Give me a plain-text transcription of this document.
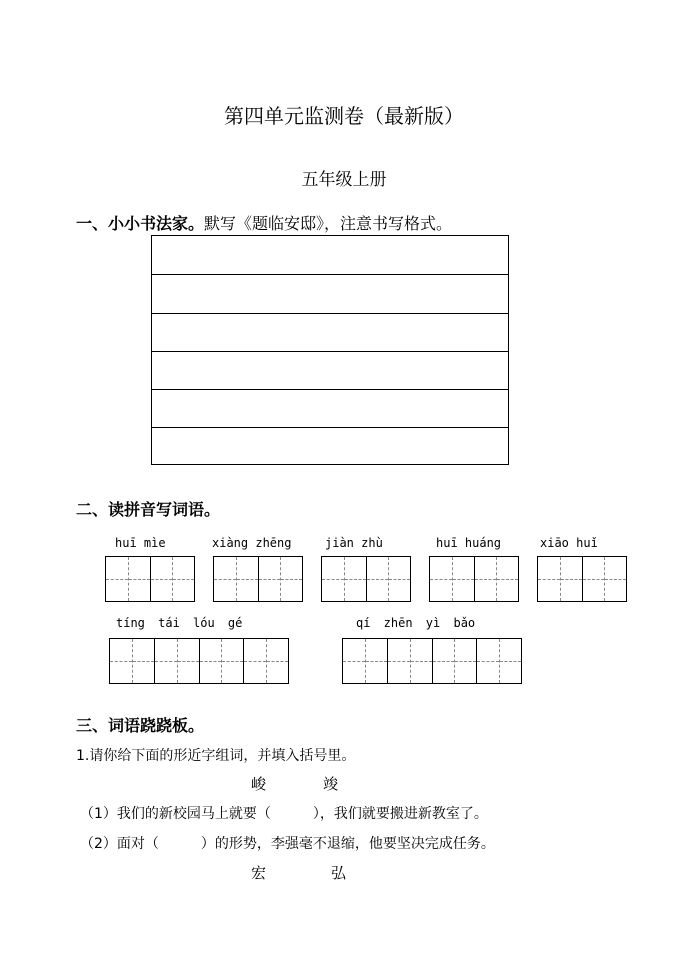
第四单元监测卷（最新版）
五年级上册
一、小小书法家。默写《题临安邸》，注意书写格式。
二、读拼音写词语。
huī mìe	xiàng zhēng	jiàn zhù	huī huáng	xiāo huǐ
tíng tái lóu gé	qí zhēn yì bǎo
三、词语跷跷板。
1.请你给下面的形近字组词，并填入括号里。
峻	竣
（1）我们的新校园马上就要（　　　），我们就要搬进新教室了。
（2）面对（　　　）的形势，李强毫不退缩，他要坚决完成任务。
宏	弘
